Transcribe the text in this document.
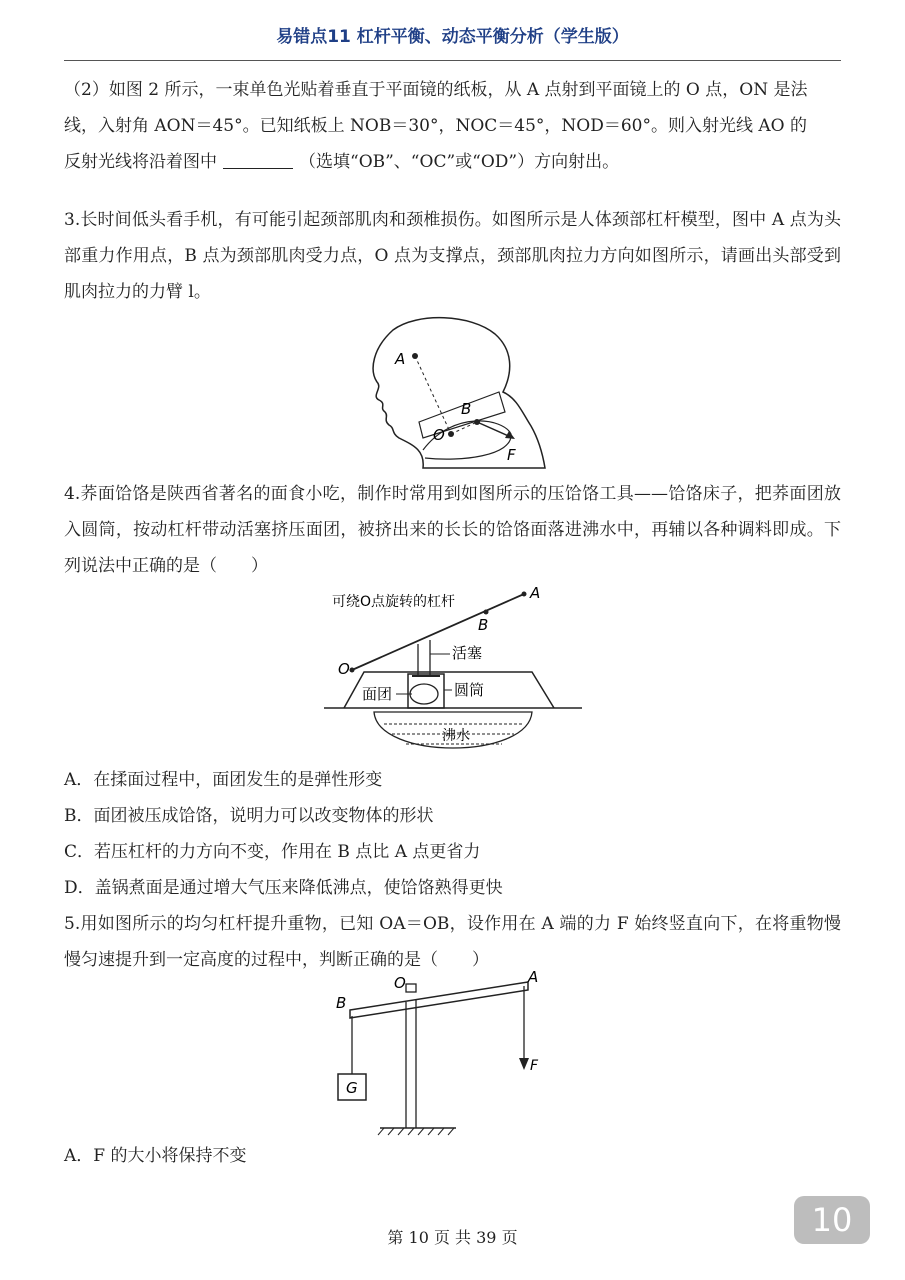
易错点11 杠杆平衡、动态平衡分析（学生版）

（2）如图 2 所示，一束单色光贴着垂直于平面镜的纸板，从 A 点射到平面镜上的 O 点，ON 是法

线，入射角 AON＝45°。已知纸板上 NOB＝30°，NOC＝45°，NOD＝60°。则入射光线 AO 的

反射光线将沿着图中	（选填“OB”、“OC”或“OD”）方向射出。

3.长时间低头看手机，有可能引起颈部肌肉和颈椎损伤。如图所示是人体颈部杠杆模型，图中 A 点为头部重力作用点，B 点为颈部肌肉受力点，O 点为支撑点，颈部肌肉拉力方向如图所示，请画出头部受到肌肉拉力的力臂 l。

A
B
O
F

4.荞面饸饹是陕西省著名的面食小吃，制作时常用到如图所示的压饸饹工具——饸饹床子，把荞面团放入圆筒，按动杠杆带动活塞挤压面团，被挤出来的长长的饸饹面落进沸水中，再辅以各种调料即成。下列说法中正确的是（　　）

可绕O点旋转的杠杆	A
B
O
活塞
面团	圆筒
沸水

A．在揉面过程中，面团发生的是弹性形变

B．面团被压成饸饹，说明力可以改变物体的形状

C．若压杠杆的力方向不变，作用在 B 点比 A 点更省力

D．盖锅煮面是通过增大气压来降低沸点，使饸饹熟得更快

5.用如图所示的均匀杠杆提升重物，已知 OA＝OB，设作用在 A 端的力 F 始终竖直向下，在将重物慢慢匀速提升到一定高度的过程中，判断正确的是（　　）

A
B
O
F
G

A．F 的大小将保持不变

10
第 10 页 共 39 页
